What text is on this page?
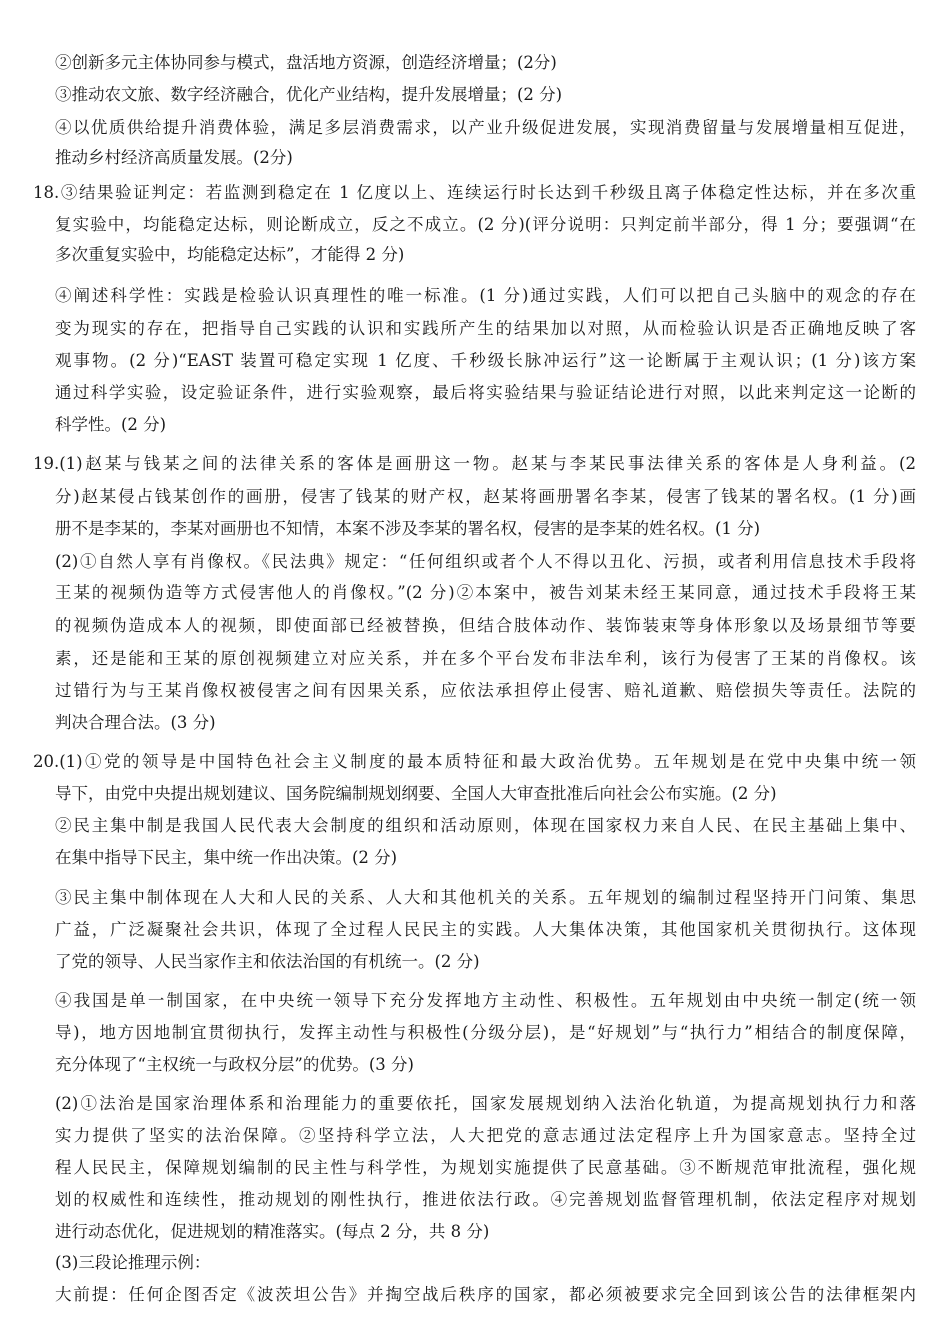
②创新多元主体协同参与模式，盘活地方资源，创造经济增量；(2分)
③推动农文旅、数字经济融合，优化产业结构，提升发展增量；(2 分)
④以优质供给提升消费体验，满足多层消费需求，以产业升级促进发展，实现消费留量与发展增量相互促进，
推动乡村经济高质量发展。(2分)
18.③结果验证判定：若监测到稳定在 1 亿度以上、连续运行时长达到千秒级且离子体稳定性达标，并在多次重
复实验中，均能稳定达标，则论断成立，反之不成立。(2 分)(评分说明：只判定前半部分，得 1 分；要强调“在
多次重复实验中，均能稳定达标”，才能得 2 分)
④阐述科学性：实践是检验认识真理性的唯一标准。(1 分)通过实践，人们可以把自己头脑中的观念的存在
变为现实的存在，把指导自己实践的认识和实践所产生的结果加以对照，从而检验认识是否正确地反映了客
观事物。(2 分)“EAST 装置可稳定实现 1 亿度、千秒级长脉冲运行”这一论断属于主观认识；(1 分)该方案
通过科学实验，设定验证条件，进行实验观察，最后将实验结果与验证结论进行对照，以此来判定这一论断的
科学性。(2 分)
19.(1)赵某与钱某之间的法律关系的客体是画册这一物。赵某与李某民事法律关系的客体是人身利益。(2
分)赵某侵占钱某创作的画册，侵害了钱某的财产权，赵某将画册署名李某，侵害了钱某的署名权。(1 分)画
册不是李某的，李某对画册也不知情，本案不涉及李某的署名权，侵害的是李某的姓名权。(1 分)
(2)①自然人享有肖像权。《民法典》规定：“任何组织或者个人不得以丑化、污损，或者利用信息技术手段将
王某的视频伪造等方式侵害他人的肖像权。”(2 分)②本案中，被告刘某未经王某同意，通过技术手段将王某
的视频伪造成本人的视频，即使面部已经被替换，但结合肢体动作、装饰装束等身体形象以及场景细节等要
素，还是能和王某的原创视频建立对应关系，并在多个平台发布非法牟利，该行为侵害了王某的肖像权。该
过错行为与王某肖像权被侵害之间有因果关系，应依法承担停止侵害、赔礼道歉、赔偿损失等责任。法院的
判决合理合法。(3 分)
20.(1)①党的领导是中国特色社会主义制度的最本质特征和最大政治优势。五年规划是在党中央集中统一领
导下，由党中央提出规划建议、国务院编制规划纲要、全国人大审查批准后向社会公布实施。(2 分)
②民主集中制是我国人民代表大会制度的组织和活动原则，体现在国家权力来自人民、在民主基础上集中、
在集中指导下民主，集中统一作出决策。(2 分)
③民主集中制体现在人大和人民的关系、人大和其他机关的关系。五年规划的编制过程坚持开门问策、集思
广益，广泛凝聚社会共识，体现了全过程人民民主的实践。人大集体决策，其他国家机关贯彻执行。这体现
了党的领导、人民当家作主和依法治国的有机统一。(2 分)
④我国是单一制国家，在中央统一领导下充分发挥地方主动性、积极性。五年规划由中央统一制定(统一领
导)，地方因地制宜贯彻执行，发挥主动性与积极性(分级分层)，是“好规划”与“执行力”相结合的制度保障，
充分体现了“主权统一与政权分层”的优势。(3 分)
(2)①法治是国家治理体系和治理能力的重要依托，国家发展规划纳入法治化轨道，为提高规划执行力和落
实力提供了坚实的法治保障。②坚持科学立法，人大把党的意志通过法定程序上升为国家意志。坚持全过
程人民民主，保障规划编制的民主性与科学性，为规划实施提供了民意基础。③不断规范审批流程，强化规
划的权威性和连续性，推动规划的刚性执行，推进依法行政。④完善规划监督管理机制，依法定程序对规划
进行动态优化，促进规划的精准落实。(每点 2 分，共 8 分)
(3)三段论推理示例：
大前提：任何企图否定《波茨坦公告》并掏空战后秩序的国家，都必须被要求完全回到该公告的法律框架内
